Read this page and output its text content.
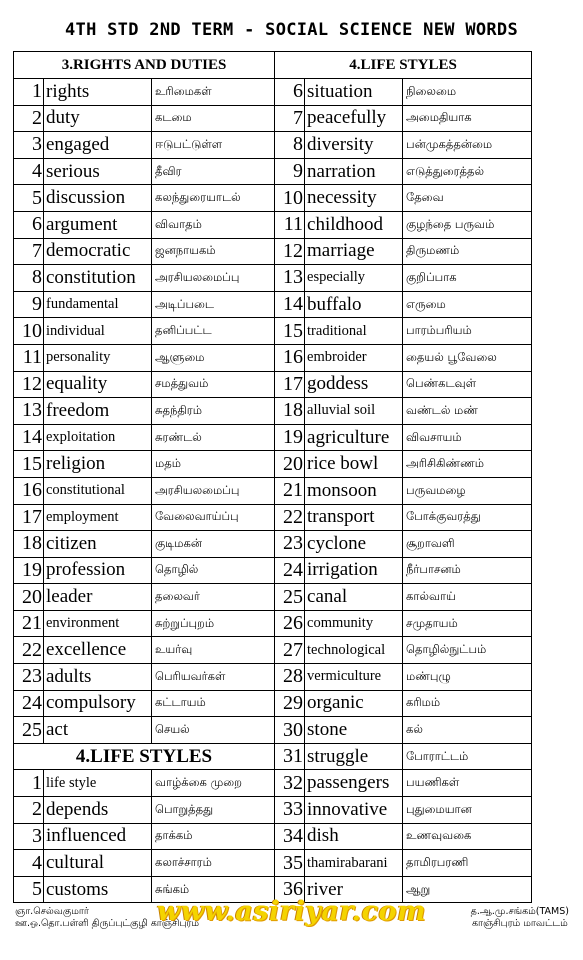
4TH STD 2ND TERM - SOCIAL SCIENCE NEW WORDS
3.RIGHTS AND DUTIES			4.LIFE STYLES		
1	rights	உரிமைகள்	6	situation	நிலைமை
2	duty	கடமை	7	peacefully	அமைதியாக
3	engaged	ஈடுபட்டுள்ள	8	diversity	பன்முகத்தன்மை
4	serious	தீவிர	9	narration	எடுத்துரைத்தல்
5	discussion	கலந்துரையாடல்	10	necessity	தேவை
6	argument	விவாதம்	11	childhood	குழந்தை பருவம்
7	democratic	ஜனநாயகம்	12	marriage	திருமணம்
8	constitution	அரசியலமைப்பு	13	especially	குறிப்பாக
9	fundamental	அடிப்படை	14	buffalo	எருமை
10	individual	தனிப்பட்ட	15	traditional	பாரம்பரியம்
11	personality	ஆளுமை	16	embroider	தையல் பூவேலை
12	equality	சமத்துவம்	17	goddess	பெண்கடவுள்
13	freedom	சுதந்திரம்	18	alluvial soil	வண்டல் மண்
14	exploitation	சுரண்டல்	19	agriculture	விவசாயம்
15	religion	மதம்	20	rice bowl	அரிசிகிண்ணம்
16	constitutional	அரசியலமைப்பு	21	monsoon	பருவமழை
17	employment	வேலைவாய்ப்பு	22	transport	போக்குவரத்து
18	citizen	குடிமகன்	23	cyclone	சூறாவளி
19	profession	தொழில்	24	irrigation	நீர்பாசனம்
20	leader	தலைவர்	25	canal	கால்வாய்
21	environment	சுற்றுப்புறம்	26	community	சமுதாயம்
22	excellence	உயர்வு	27	technological	தொழில்நுட்பம்
23	adults	பெரியவர்கள்	28	vermiculture	மண்புழு
24	compulsory	கட்டாயம்	29	organic	கரிமம்
25	act	செயல்	30	stone	கல்
4.LIFE STYLES			31	struggle	போராட்டம்
1	life style	வாழ்க்கை முறை	32	passengers	பயணிகள்
2	depends	பொறுத்தது	33	innovative	புதுமையான
3	influenced	தாக்கம்	34	dish	உணவுவகை
4	cultural	கலாச்சாரம்	35	thamirabarani	தாமிரபரணி
5	customs	சுங்கம்	36	river	ஆறு
ஞா.செல்வகுமார்
ஊ.ஒ.தொ.பள்ளி திருப்புட்குழி காஞ்சிபுரம்
www.asiriyar.com	த.ஆ.மு.சங்கம்(TAMS)
காஞ்சிபுரம் மாவட்டம்
